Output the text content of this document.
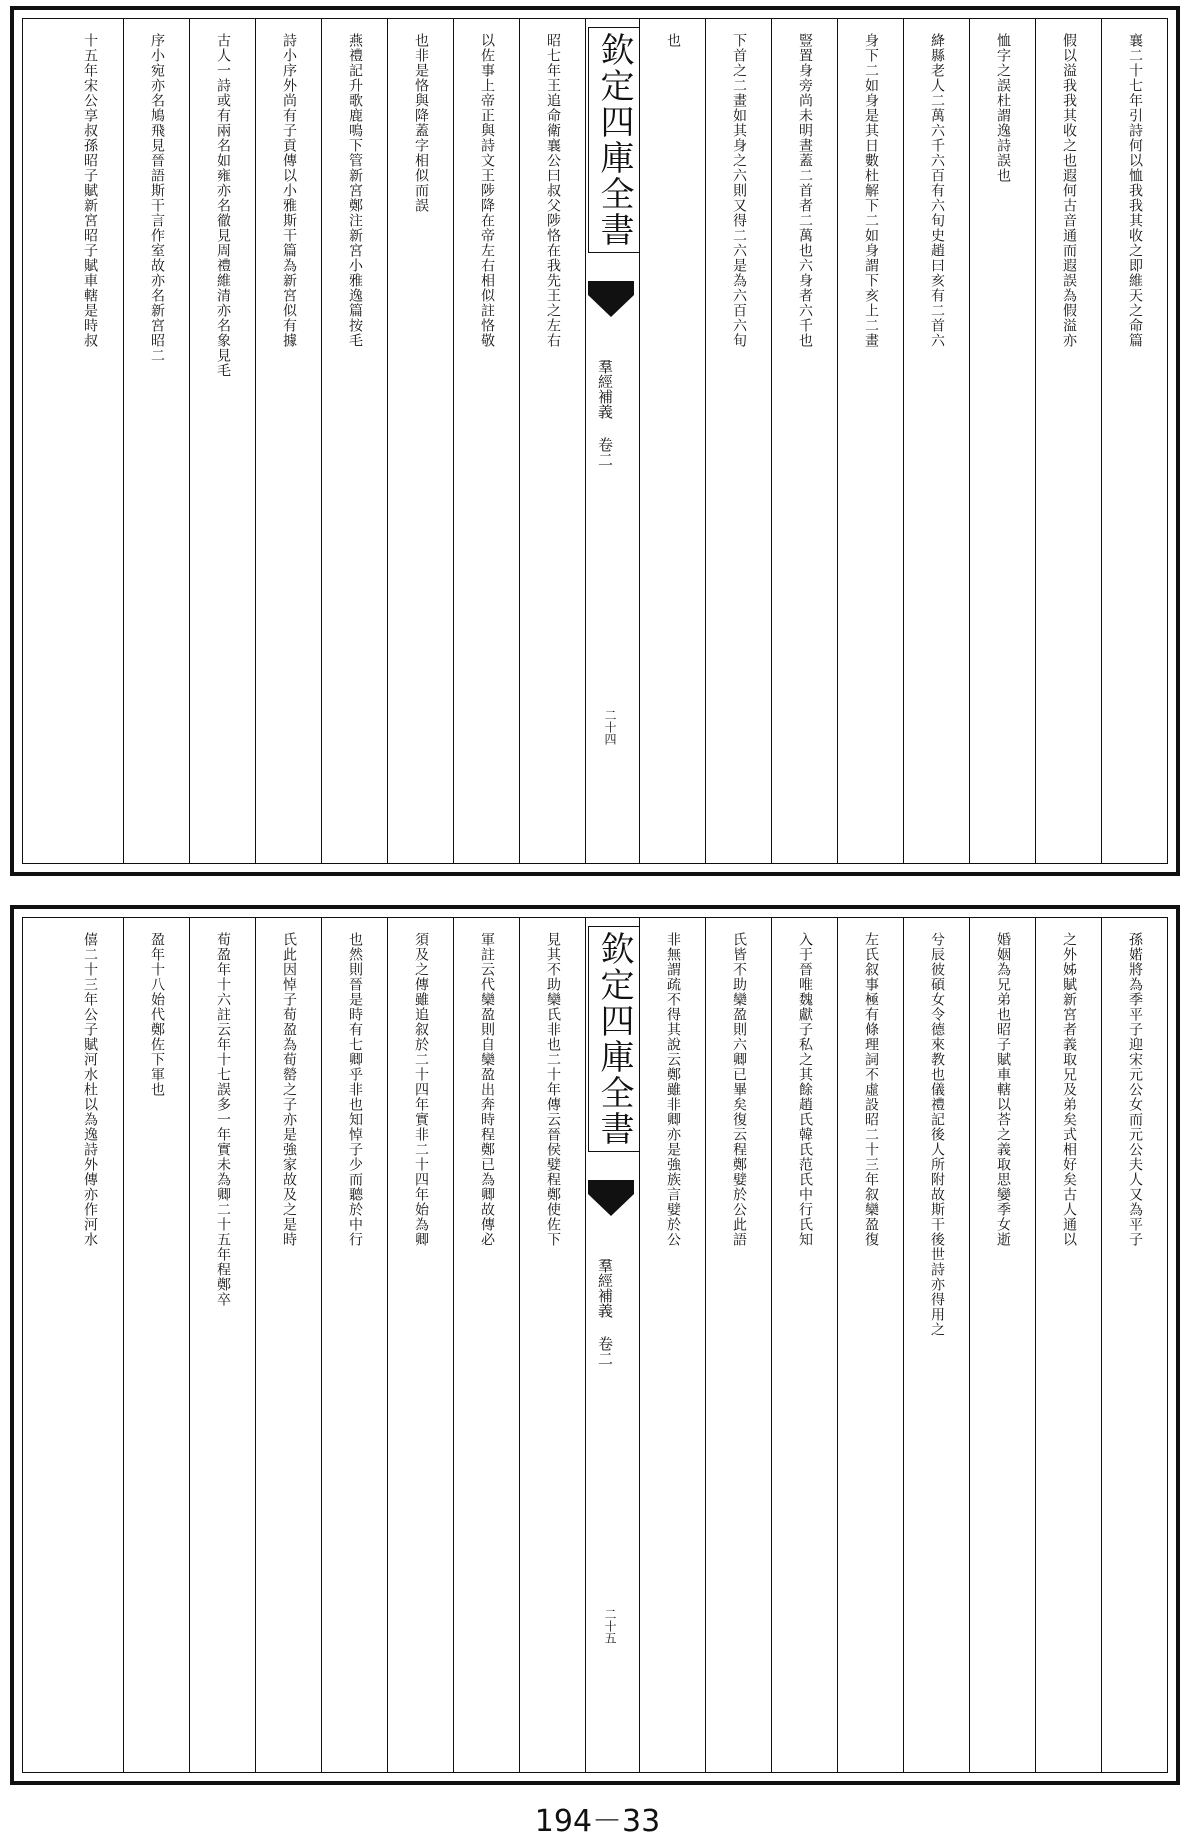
襄二十七年引詩何以恤我我其收之即維天之命篇
假以溢我我其收之也遐何古音通而遐誤為假溢亦
恤字之誤杜謂逸詩誤也
絳縣老人二萬六千六百有六旬史趙曰亥有二首六
身下二如身是其日數杜解下二如身謂下亥上二畫
豎置身旁尚未明晝蓋二首者二萬也六身者六千也
下首之二畫如其身之六則又得二六是為六百六旬
也
欽定四庫全書
羣經補義 卷二
二十四
昭七年王追命衛襄公曰叔父陟恪在我先王之左右
以佐事上帝正與詩文王陟降在帝左右相似註恪敬
也非是恪與降蓋字相似而誤
燕禮記升歌鹿鳴下管新宮鄭注新宮小雅逸篇按毛
詩小序外尚有子貢傳以小雅斯干篇為新宮似有據
古人一詩或有兩名如雍亦名徹見周禮維清亦名象見毛
序小宛亦名鳩飛見晉語斯干言作室故亦名新宮昭二
十五年宋公享叔孫昭子賦新宮昭子賦車轄是時叔
孫婼將為季平子迎宋元公女而元公夫人又為平子
之外姊賦新宮者義取兄及弟矣式相好矣古人通以
婚姻為兄弟也昭子賦車轄以荅之義取思孌季女逝
兮辰彼碩女令德來教也儀禮記後人所附故斯干後世詩亦得用之
左氏叙事極有條理詞不虛設昭二十三年叙欒盈復
入于晉唯魏獻子私之其餘趙氏韓氏范氏中行氏知
氏皆不助欒盈則六卿已畢矣復云程鄭嬖於公此語
非無謂疏不得其說云鄭雖非卿亦是強族言嬖於公
欽定四庫全書
羣經補義 卷二
二十五
見其不助欒氏非也二十年傳云晉侯嬖程鄭使佐下
軍註云代欒盈則自欒盈出奔時程鄭已為卿故傳必
須及之傳雖追叙於二十四年實非二十四年始為卿
也然則晉是時有七卿乎非也知悼子少而聽於中行
氏此因悼子荀盈為荀罃之子亦是強家故及之是時
荀盈年十六註云年十七誤多一年實未為卿二十五年程鄭卒
盈年十八始代鄭佐下軍也
僖二十三年公子賦河水杜以為逸詩外傳亦作河水
194－33
